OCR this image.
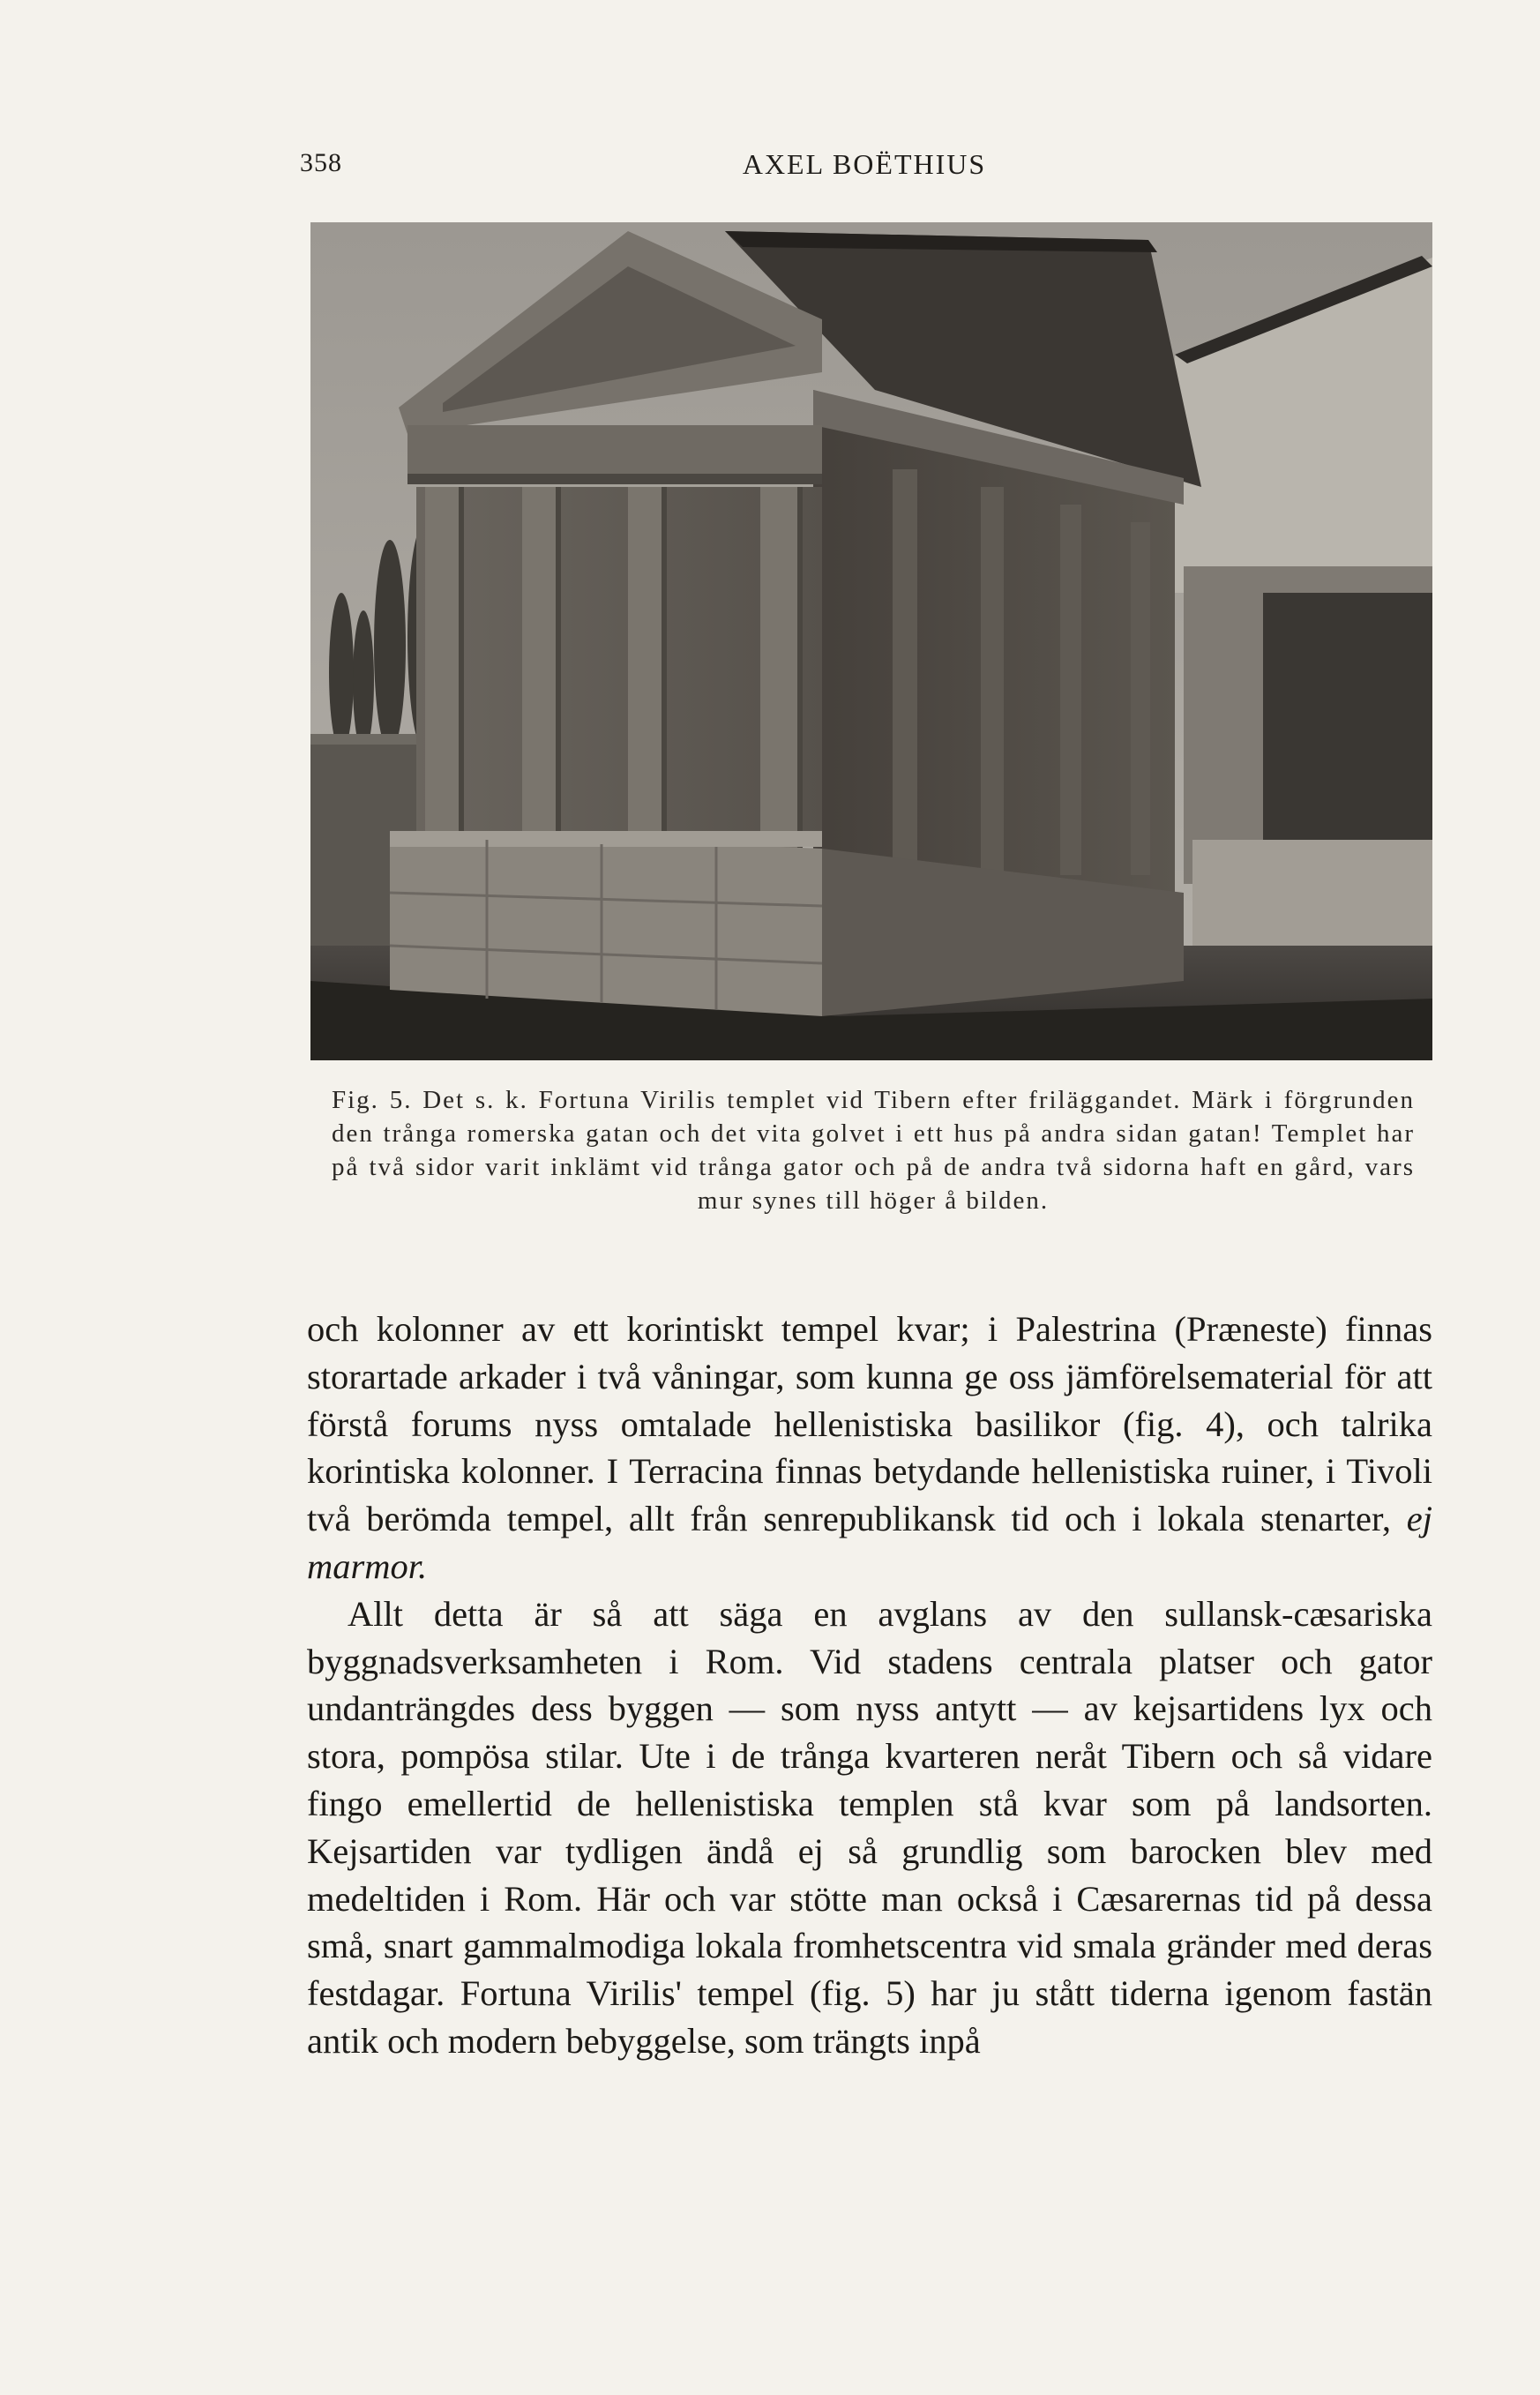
358	AXEL BOËTHIUS
Fig. 5. Det s. k. Fortuna Virilis templet vid Tibern efter friläggandet. Märk i förgrunden den trånga romerska gatan och det vita golvet i ett hus på andra sidan gatan! Templet har på två sidor varit inklämt vid trånga gator och på de andra två sidorna haft en gård, vars mur synes till höger å bilden.

och kolonner av ett korintiskt tempel kvar; i Palestrina (Præneste) finnas storartade arkader i två våningar, som kunna ge oss jämförelsematerial för att förstå forums nyss omtalade hellenistiska basilikor (fig. 4), och talrika korintiska kolonner. I Terracina finnas betydande hellenistiska ruiner, i Tivoli två berömda tempel, allt från senrepublikansk tid och i lokala stenarter, ej marmor.

Allt detta är så att säga en avglans av den sullansk-cæsariska byggnadsverksamheten i Rom. Vid stadens centrala platser och gator undanträngdes dess byggen — som nyss antytt — av kejsartidens lyx och stora, pompösa stilar. Ute i de trånga kvarteren neråt Tibern och så vidare fingo emellertid de hellenistiska templen stå kvar som på landsorten. Kejsartiden var tydligen ändå ej så grundlig som barocken blev med medeltiden i Rom. Här och var stötte man också i Cæsarernas tid på dessa små, snart gammalmodiga lokala fromhetscentra vid smala gränder med deras festdagar. Fortuna Virilis' tempel (fig. 5) har ju stått tiderna igenom fastän antik och modern bebyggelse, som trängts inpå
